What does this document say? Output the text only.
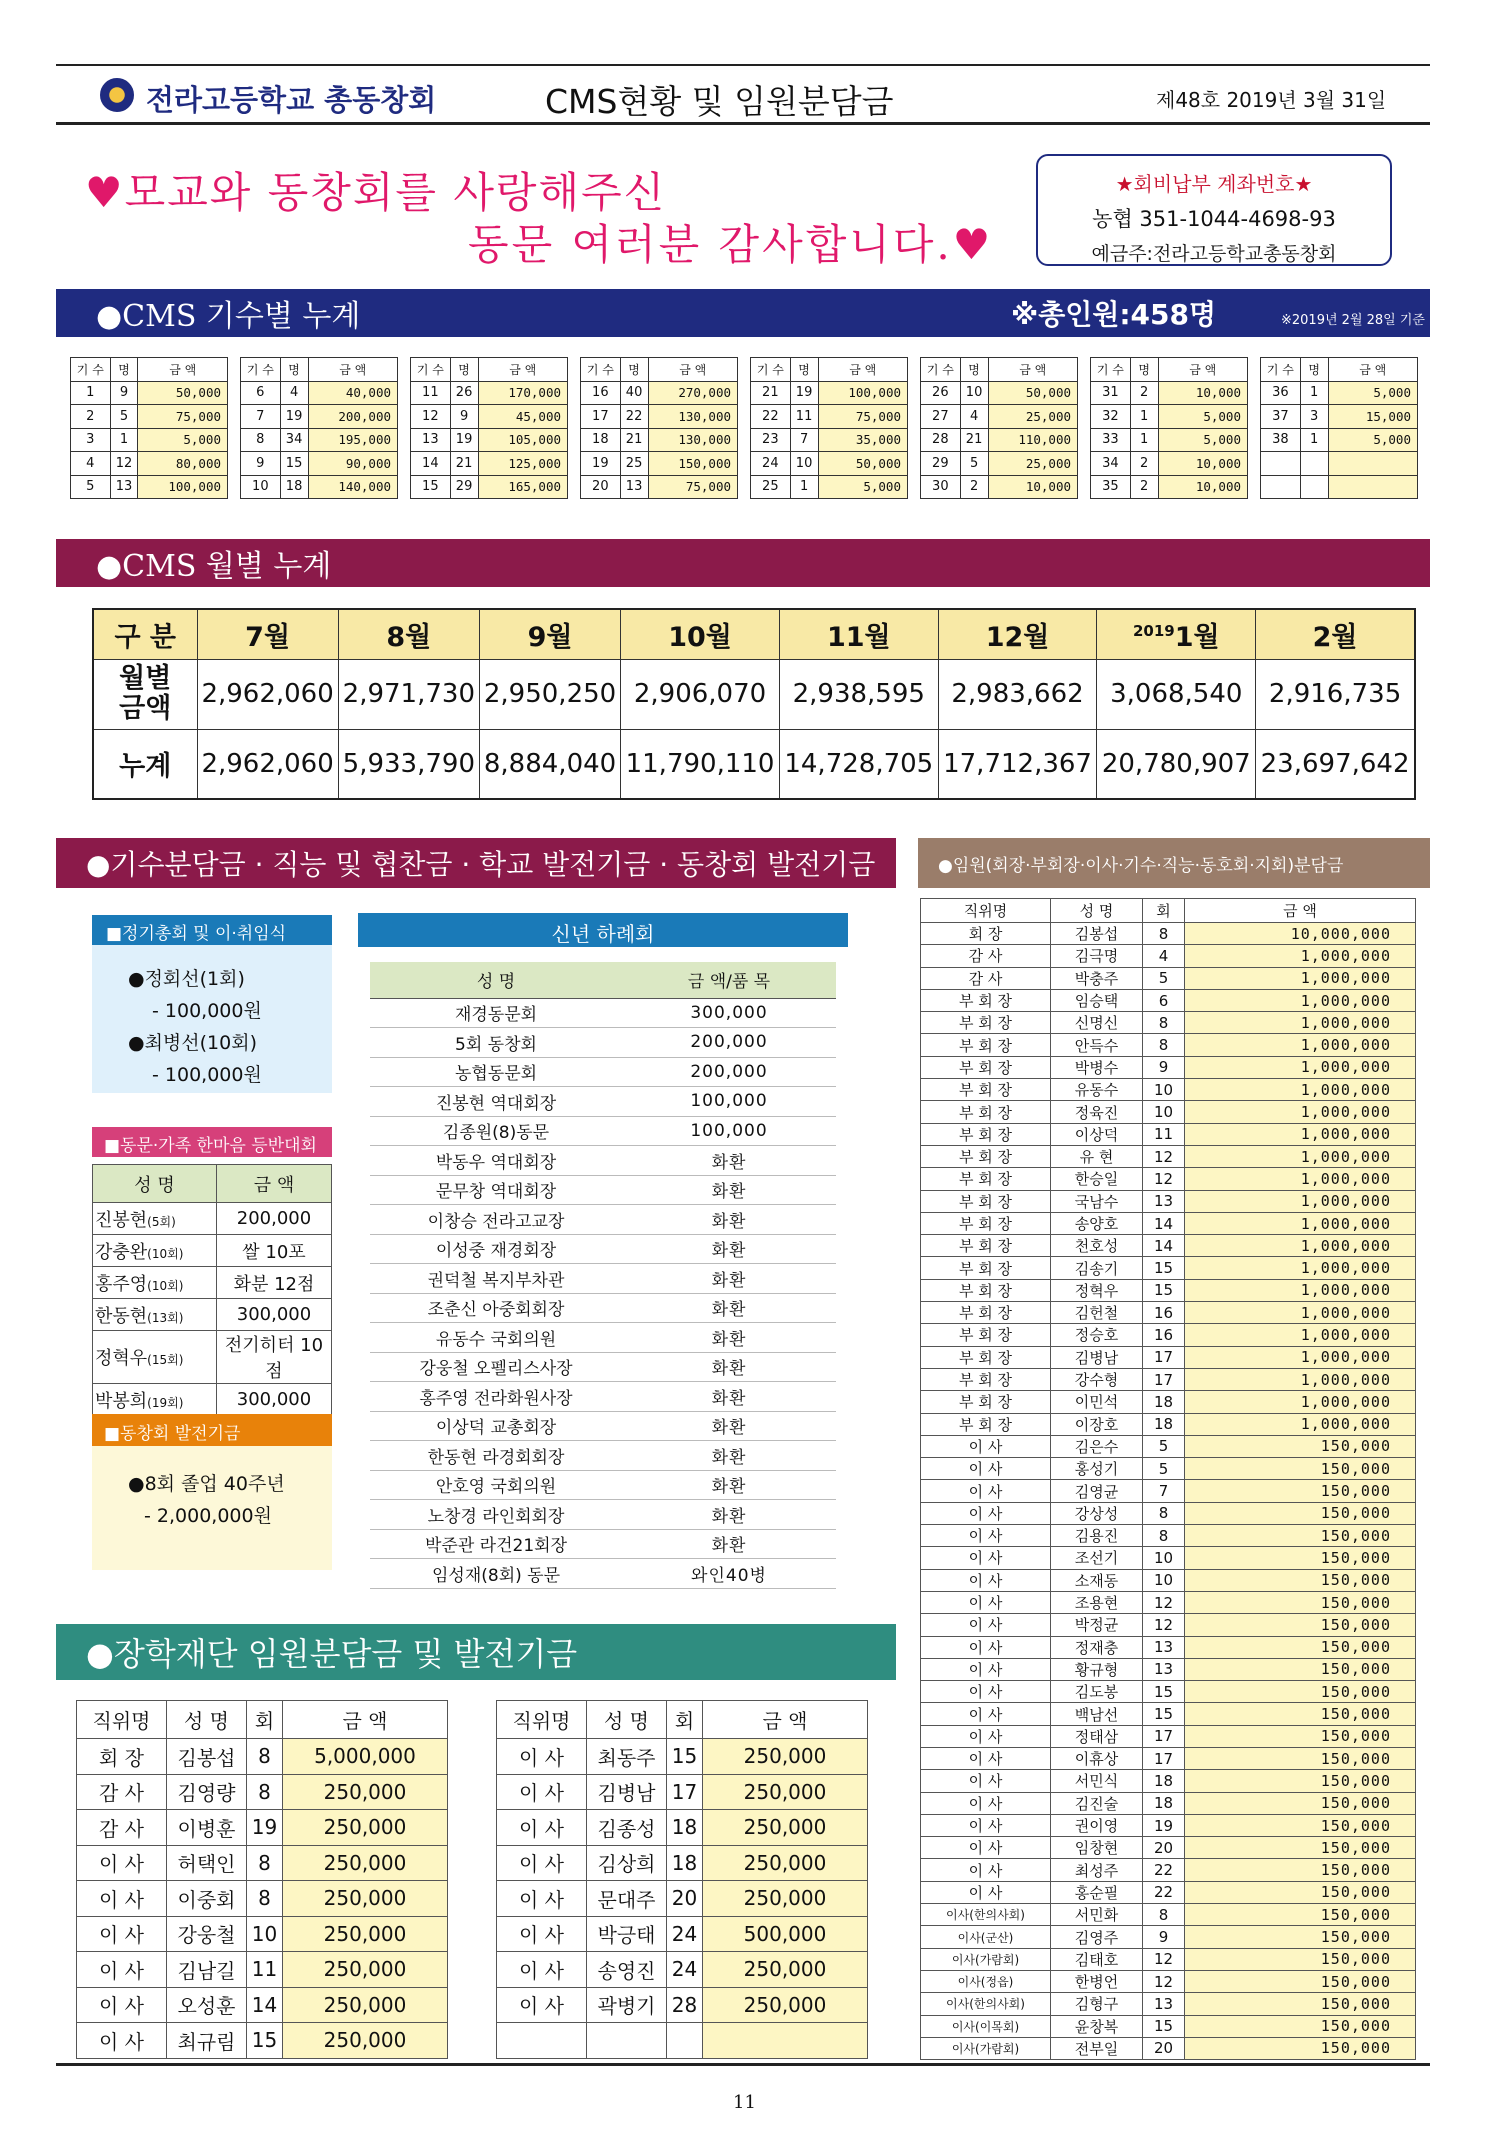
전라고등학교 총동창회	CMS현황 및 임원분담금	제48호 2019년 3월 31일
♥모교와 동창회를 사랑해주신
동문 여러분 감사합니다.♥
★회비납부 계좌번호★
농협 351-1044-4698-93
예금주:전라고등학교총동창회
●CMS 기수별 누계	※총인원:458명	※2019년 2월 28일 기준
기 수	명	금 액
1	9	50,000
2	5	75,000
3	1	5,000
4	12	80,000
5	13	100,000
기 수	명	금 액
6	4	40,000
7	19	200,000
8	34	195,000
9	15	90,000
10	18	140,000
기 수	명	금 액
11	26	170,000
12	9	45,000
13	19	105,000
14	21	125,000
15	29	165,000
기 수	명	금 액
16	40	270,000
17	22	130,000
18	21	130,000
19	25	150,000
20	13	75,000
기 수	명	금 액
21	19	100,000
22	11	75,000
23	7	35,000
24	10	50,000
25	1	5,000
기 수	명	금 액
26	10	50,000
27	4	25,000
28	21	110,000
29	5	25,000
30	2	10,000
기 수	명	금 액
31	2	10,000
32	1	5,000
33	1	5,000
34	2	10,000
35	2	10,000
기 수	명	금 액
36	1	5,000
37	3	15,000
38	1	5,000

●CMS 월별 누계
구 분	7월	8월	9월	10월	11월	12월	$^{2019}$1월	2월
월별
금액	2,962,060	2,971,730	2,950,250	2,906,070	2,938,595	2,983,662	3,068,540	2,916,735
누계	2,962,060	5,933,790	8,884,040	11,790,110	14,728,705	17,712,367	20,780,907	23,697,642
●기수분담금 · 직능 및 협찬금 · 학교 발전기금 · 동창회 발전기금	●임원(회장·부회장·이사·기수·직능·동호회·지회)분담금
■정기총회 및 이·취임식
●정회선(1회)
- 100,000원
●최병선(10회)
- 100,000원
■동문·가족 한마음 등반대회
성 명	금 액
진봉현(5회)	200,000
강충완(10회)	쌀 10포
홍주영(10회)	화분 12점
한동현(13회)	300,000
정혁우(15회)	전기히터 10점
박봉희(19회)	300,000
■동창회 발전기금
●8회 졸업 40주년
- 2,000,000원
신년 하례회
성 명	금 액/품 목
재경동문회	300,000
5회 동창회	200,000
농협동문회	200,000
진봉현 역대회장	100,000
김종원(8)동문	100,000
박동우 역대회장	화환
문무창 역대회장	화환
이창승 전라고교장	화환
이성중 재경회장	화환
권덕철 복지부차관	화환
조춘신 아중회회장	화환
유동수 국회의원	화환
강웅철 오펠리스사장	화환
홍주영 전라화원사장	화환
이상덕 교총회장	화환
한동현 라경회회장	화환
안호영 국회의원	화환
노창경 라인회회장	화환
박준관 라건21회장	화환
임성재(8회) 동문	와인40병
●장학재단 임원분담금 및 발전기금
직위명	성 명	회	금 액
회 장	김봉섭	8	5,000,000
감 사	김영량	8	250,000
감 사	이병훈	19	250,000
이 사	허택인	8	250,000
이 사	이중회	8	250,000
이 사	강웅철	10	250,000
이 사	김남길	11	250,000
이 사	오성훈	14	250,000
이 사	최규림	15	250,000
직위명	성 명	회	금 액
이 사	최동주	15	250,000
이 사	김병남	17	250,000
이 사	김종성	18	250,000
이 사	김상희	18	250,000
이 사	문대주	20	250,000
이 사	박긍태	24	500,000
이 사	송영진	24	250,000
이 사	곽병기	28	250,000

직위명	성 명	회	금 액
회 장	김봉섭	8	10,000,000
감 사	김극명	4	1,000,000
감 사	박충주	5	1,000,000
부 회 장	임승택	6	1,000,000
부 회 장	신명신	8	1,000,000
부 회 장	안득수	8	1,000,000
부 회 장	박병수	9	1,000,000
부 회 장	유동수	10	1,000,000
부 회 장	정육진	10	1,000,000
부 회 장	이상덕	11	1,000,000
부 회 장	유 현	12	1,000,000
부 회 장	한승일	12	1,000,000
부 회 장	국남수	13	1,000,000
부 회 장	송양호	14	1,000,000
부 회 장	천호성	14	1,000,000
부 회 장	김송기	15	1,000,000
부 회 장	정혁우	15	1,000,000
부 회 장	김헌철	16	1,000,000
부 회 장	정승호	16	1,000,000
부 회 장	김병남	17	1,000,000
부 회 장	강수형	17	1,000,000
부 회 장	이민석	18	1,000,000
부 회 장	이장호	18	1,000,000
이 사	김은수	5	150,000
이 사	홍성기	5	150,000
이 사	김영균	7	150,000
이 사	강상성	8	150,000
이 사	김용진	8	150,000
이 사	조선기	10	150,000
이 사	소재동	10	150,000
이 사	조용현	12	150,000
이 사	박정균	12	150,000
이 사	정재충	13	150,000
이 사	황규형	13	150,000
이 사	김도봉	15	150,000
이 사	백남선	15	150,000
이 사	정태삼	17	150,000
이 사	이휴상	17	150,000
이 사	서민식	18	150,000
이 사	김진술	18	150,000
이 사	권이영	19	150,000
이 사	임창현	20	150,000
이 사	최성주	22	150,000
이 사	홍순필	22	150,000
이사(한의사회)	서민화	8	150,000
이사(군산)	김영주	9	150,000
이사(가람회)	김태호	12	150,000
이사(정읍)	한병언	12	150,000
이사(한의사회)	김형구	13	150,000
이사(이목회)	윤창복	15	150,000
이사(가람회)	전부일	20	150,000
11
